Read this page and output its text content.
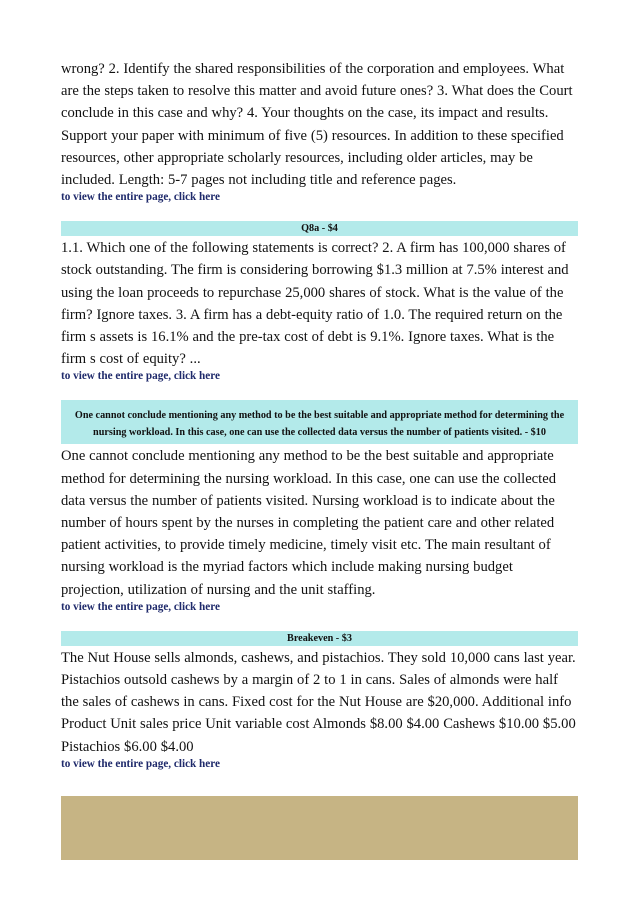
wrong? 2. Identify the shared responsibilities of the corporation and employees. What are the steps taken to resolve this matter and avoid future ones? 3. What does the Court conclude in this case and why? 4. Your thoughts on the case, its impact and results. Support your paper with minimum of five (5) resources. In addition to these specified resources, other appropriate scholarly resources, including older articles, may be included. Length: 5-7 pages not including title and reference pages.

to view the entire page, click here
Q8a - $4

1.1. Which one of the following statements is correct? 2. A firm has 100,000 shares of stock outstanding. The firm is considering borrowing $1.3 million at 7.5% interest and using the loan proceeds to repurchase 25,000 shares of stock. What is the value of the firm? Ignore taxes. 3. A firm has a debt-equity ratio of 1.0. The required return on the firm s assets is 16.1% and the pre-tax cost of debt is 9.1%. Ignore taxes. What is the firm s cost of equity? ...

to view the entire page, click here
One cannot conclude mentioning any method to be the best suitable and appropriate method for determining the nursing workload. In this case, one can use the collected data versus the number of patients visited. - $10

One cannot conclude mentioning any method to be the best suitable and appropriate method for determining the nursing workload. In this case, one can use the collected data versus the number of patients visited. Nursing workload is to indicate about the number of hours spent by the nurses in completing the patient care and other related patient activities, to provide timely medicine, timely visit etc. The main resultant of nursing workload is the myriad factors which include making nursing budget projection, utilization of nursing and the unit staffing.

to view the entire page, click here
Breakeven - $3

The Nut House sells almonds, cashews, and pistachios. They sold 10,000 cans last year. Pistachios outsold cashews by a margin of 2 to 1 in cans. Sales of almonds were half the sales of cashews in cans. Fixed cost for the Nut House are $20,000. Additional info Product Unit sales price Unit variable cost Almonds $8.00 $4.00 Cashews $10.00 $5.00 Pistachios $6.00 $4.00

to view the entire page, click here
